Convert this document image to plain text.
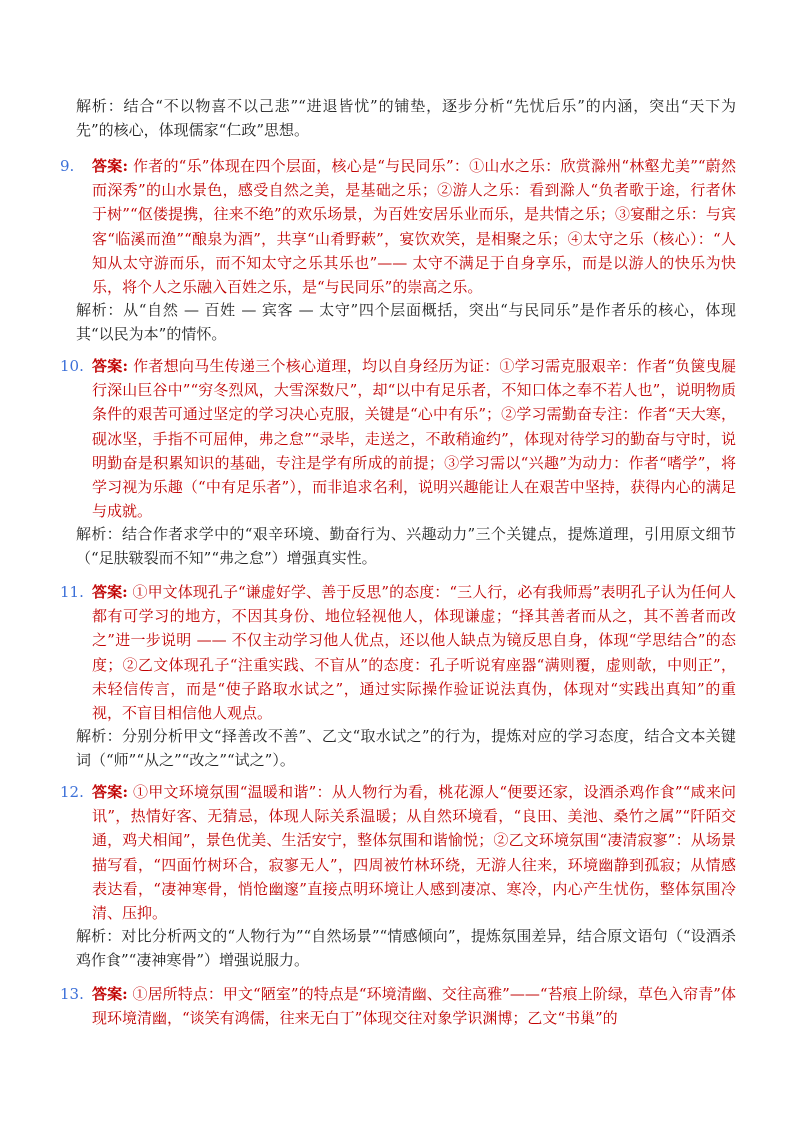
解析：结合“不以物喜不以己悲”“进退皆忧”的铺垫，逐步分析“先忧后乐”的内涵，突出“天下为先”的核心，体现儒家“仁政”思想。

9. 答案: 作者的“乐”体现在四个层面，核心是“与民同乐”：①山水之乐：欣赏滁州“林壑尤美”“蔚然而深秀”的山水景色，感受自然之美，是基础之乐；②游人之乐：看到滁人“负者歌于途，行者休于树”“伛偻提携，往来不绝”的欢乐场景，为百姓安居乐业而乐，是共情之乐；③宴酣之乐：与宾客“临溪而渔”“酿泉为酒”，共享“山肴野蔌”，宴饮欢笑，是相聚之乐；④太守之乐（核心）：“人知从太守游而乐，而不知太守之乐其乐也”—— 太守不满足于自身享乐，而是以游人的快乐为快乐，将个人之乐融入百姓之乐，是“与民同乐”的崇高之乐。

解析：从“自然 — 百姓 — 宾客 — 太守”四个层面概括，突出“与民同乐”是作者乐的核心，体现其“以民为本”的情怀。

10. 答案: 作者想向马生传递三个核心道理，均以自身经历为证：①学习需克服艰辛：作者“负箧曳屣行深山巨谷中”“穷冬烈风，大雪深数尺”，却“以中有足乐者，不知口体之奉不若人也”，说明物质条件的艰苦可通过坚定的学习决心克服，关键是“心中有乐”；②学习需勤奋专注：作者“天大寒，砚冰坚，手指不可屈伸，弗之怠”“录毕，走送之，不敢稍逾约”，体现对待学习的勤奋与守时，说明勤奋是积累知识的基础，专注是学有所成的前提；③学习需以“兴趣”为动力：作者“嗜学”，将学习视为乐趣（“中有足乐者”），而非追求名利，说明兴趣能让人在艰苦中坚持，获得内心的满足与成就。

解析：结合作者求学中的“艰辛环境、勤奋行为、兴趣动力”三个关键点，提炼道理，引用原文细节（“足肤皲裂而不知”“弗之怠”）增强真实性。

11. 答案: ①甲文体现孔子“谦虚好学、善于反思”的态度：“三人行，必有我师焉”表明孔子认为任何人都有可学习的地方，不因其身份、地位轻视他人，体现谦虚；“择其善者而从之，其不善者而改之”进一步说明 —— 不仅主动学习他人优点，还以他人缺点为镜反思自身，体现“学思结合”的态度；②乙文体现孔子“注重实践、不盲从”的态度：孔子听说宥座器“满则覆，虚则欹，中则正”，未轻信传言，而是“使子路取水试之”，通过实际操作验证说法真伪，体现对“实践出真知”的重视，不盲目相信他人观点。

解析：分别分析甲文“择善改不善”、乙文“取水试之”的行为，提炼对应的学习态度，结合文本关键词（“师”“从之”“改之”“试之”）。

12. 答案: ①甲文环境氛围“温暖和谐”：从人物行为看，桃花源人“便要还家，设酒杀鸡作食”“咸来问讯”，热情好客、无猜忌，体现人际关系温暖；从自然环境看，“良田、美池、桑竹之属”“阡陌交通，鸡犬相闻”，景色优美、生活安宁，整体氛围和谐愉悦；②乙文环境氛围“凄清寂寥”：从场景描写看，“四面竹树环合，寂寥无人”，四周被竹林环绕，无游人往来，环境幽静到孤寂；从情感表达看，“凄神寒骨，悄怆幽邃”直接点明环境让人感到凄凉、寒冷，内心产生忧伤，整体氛围冷清、压抑。

解析：对比分析两文的“人物行为”“自然场景”“情感倾向”，提炼氛围差异，结合原文语句（“设酒杀鸡作食”“凄神寒骨”）增强说服力。

13. 答案: ①居所特点：甲文“陋室”的特点是“环境清幽、交往高雅”——“苔痕上阶绿，草色入帘青”体现环境清幽，“谈笑有鸿儒，往来无白丁”体现交往对象学识渊博；乙文“书巢”的
